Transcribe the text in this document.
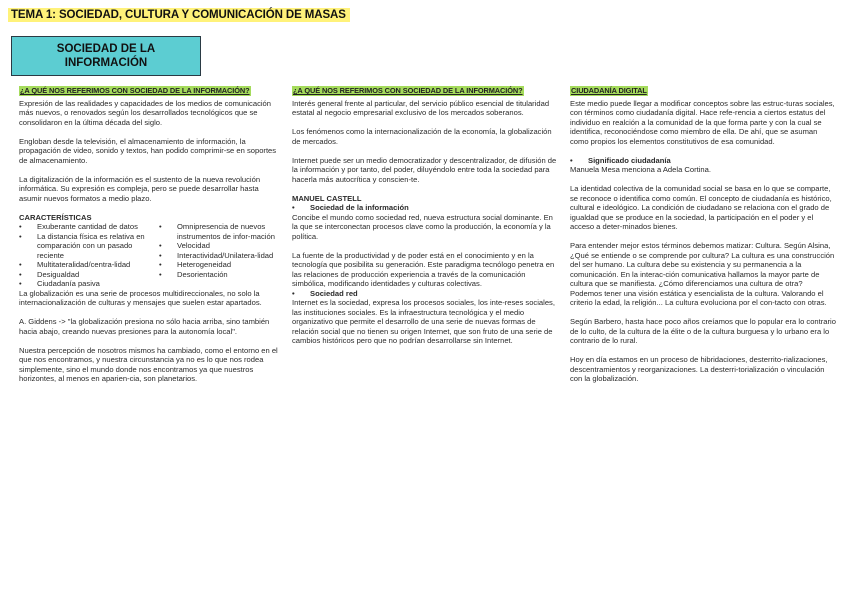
TEMA 1: SOCIEDAD, CULTURA Y COMUNICACIÓN DE MASAS
SOCIEDAD DE LA
INFORMACIÓN
¿A QUÉ NOS REFERIMOS CON SOCIEDAD DE LA INFORMACIÓN?

Expresión de las realidades y capacidades de los medios de comunicación más nuevos, o renovados según los desarrollados tecnológicos que se consolidaron en la última década del siglo.

Engloban desde la televisión, el almacenamiento de información, la propagación de video, sonido y textos, han podido comprimir-se en soportes de almacenamiento.

La digitalización de la información es el sustento de la nueva revolución informática. Su expresión es compleja, pero se puede desarrollar hasta asumir nuevos formatos a medio plazo.

CARACTERÍSTICAS
• Exuberante cantidad de datos
• La distancia física es relativa en comparación con un pasado reciente
• Multitateralidad/centra-lidad
• Desigualdad
• Ciudadanía pasiva
• Omnipresencia de nuevos instrumentos de infor-mación
• Velocidad
• Interactividad/Unilatera-lidad
• Heterogeneidad
• Desorientación

La globalización es una serie de procesos multidireccionales, no solo la internacionalización de culturas y mensajes que suelen estar apartados.

A. Giddens -> "la globalización presiona no sólo hacia arriba, sino también hacia abajo, creando nuevas presiones para la autonomía local".

Nuestra percepción de nosotros mismos ha cambiado, como el entorno en el que nos encontramos, y nuestra circunstancia ya no es lo que nos rodea simplemente, sino el mundo donde nos encontramos ya que nuestros horizontes, al menos en aparien-cia, son planetarios.

¿A QUÉ NOS REFERIMOS CON SOCIEDAD DE LA INFORMACIÓN?

Interés general frente al particular, del servicio público esencial de titularidad estatal al negocio empresarial exclusivo de los mercados soberanos.

Los fenómenos como la internacionalización de la economía, la globalización de mercados.

Internet puede ser un medio democratizador y descentralizador, de difusión de la información y por tanto, del poder, diluyéndolo entre toda la sociedad para hacerla más autocrítica y conscien-te.

MANUEL CASTELL
• Sociedad de la información

Concibe el mundo como sociedad red, nueva estructura social dominante. En la que se interconectan procesos clave como la producción, la economía y la política.

La fuente de la productividad y de poder está en el conocimiento y en la tecnología que posibilita su generación. Este paradigma tecnólogo penetra en las relaciones de producción experiencia a través de la comunicación simbólica, modificando identidades y culturas colectivas.

• Sociedad red

Internet es la sociedad, expresa los procesos sociales, los inte-reses sociales, las instituciones sociales. Es la infraestructura tecnológica y el medio organizativo que permite el desarrollo de una serie de nuevas formas de relación social que no tienen su origen Internet, que son fruto de una serie de cambios históricos pero que no podrían desarrollarse sin Internet.

CIUDADANÍA DIGITAL

Este medio puede llegar a modificar conceptos sobre las estruc-turas sociales, con términos como ciudadanía digital. Hace refe-rencia a ciertos estatus del individuo en realción a la comunidad de la que forma parte y con la cual se identifica, reconociéndose como miembro de ella. De ahí, que se asuman como propios los elementos constitutivos de esa comunidad.

• Significado ciudadanía

Manuela Mesa menciona a Adela Cortina.

La identidad colectiva de la comunidad social se basa en lo que se comparte, se reconoce o identifica como común. El concepto de ciudadanía es histórico, cultural e ideológico. La condición de ciudadano se relaciona con el grado de igualdad que se produce en la sociedad, la participación en el poder y el acceso a deter-minados bienes.

Para entender mejor estos términos debemos matizar: Cultura. Según Alsina, ¿Qué se entiende o se comprende por cultura? La cultura es una construcción del ser humano. La cultura debe su existencia y su permanencia a la comunicación. En la interac-ción comunicativa hallamos la mayor parte de cultura que se manifiesta. ¿Cómo diferenciamos una cultura de otra? Podemos tener una visión estática y esencialista de la cultura. Valorando el criterio la edad, la religión... La cultura evoluciona por el con-tacto con otras.

Según Barbero, hasta hace poco años creíamos que lo popular era lo contrario de lo culto, de la cultura de la élite o de la cultura burguesa y lo urbano era lo contrario de lo rural.

Hoy en día estamos en un proceso de hibridaciones, desterrito-rializaciones, descentramientos y reorganizaciones. La desterri-torialización o vinculación con la globalización.
